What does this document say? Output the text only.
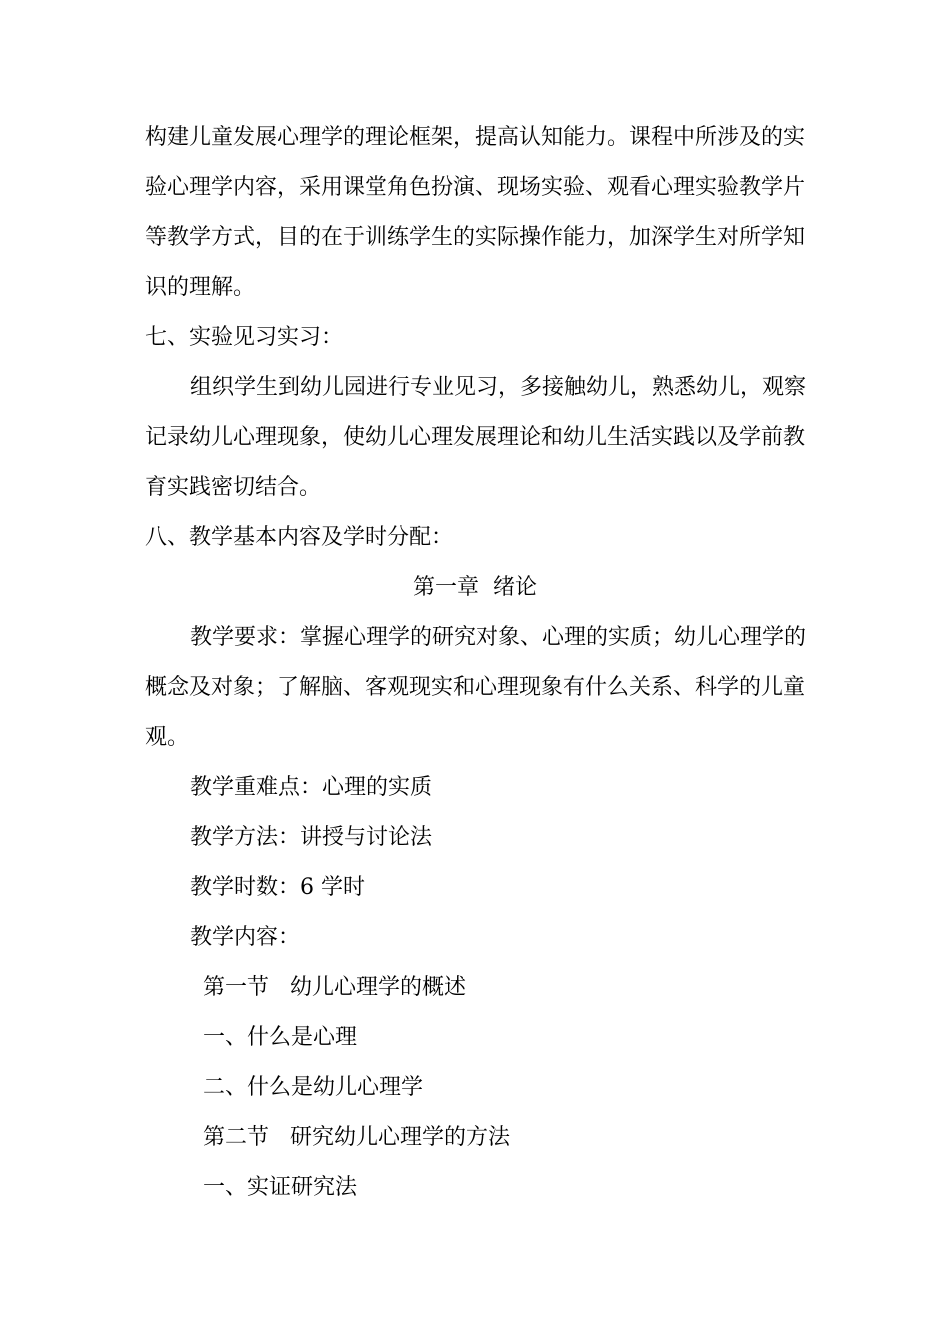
构建儿童发展心理学的理论框架，提高认知能力。课程中所涉及的实

验心理学内容，采用课堂角色扮演、现场实验、观看心理实验教学片

等教学方式，目的在于训练学生的实际操作能力，加深学生对所学知

识的理解。

七、实验见习实习：

组织学生到幼儿园进行专业见习，多接触幼儿，熟悉幼儿，观察

记录幼儿心理现象，使幼儿心理发展理论和幼儿生活实践以及学前教

育实践密切结合。

八、教学基本内容及学时分配：

第一章  绪论

教学要求：掌握心理学的研究对象、心理的实质；幼儿心理学的

概念及对象；了解脑、客观现实和心理现象有什么关系、科学的儿童

观。

教学重难点：心理的实质

教学方法：讲授与讨论法

教学时数：6 学时

教学内容：

第一节   幼儿心理学的概述

一、什么是心理

二、什么是幼儿心理学

第二节   研究幼儿心理学的方法

一、实证研究法
